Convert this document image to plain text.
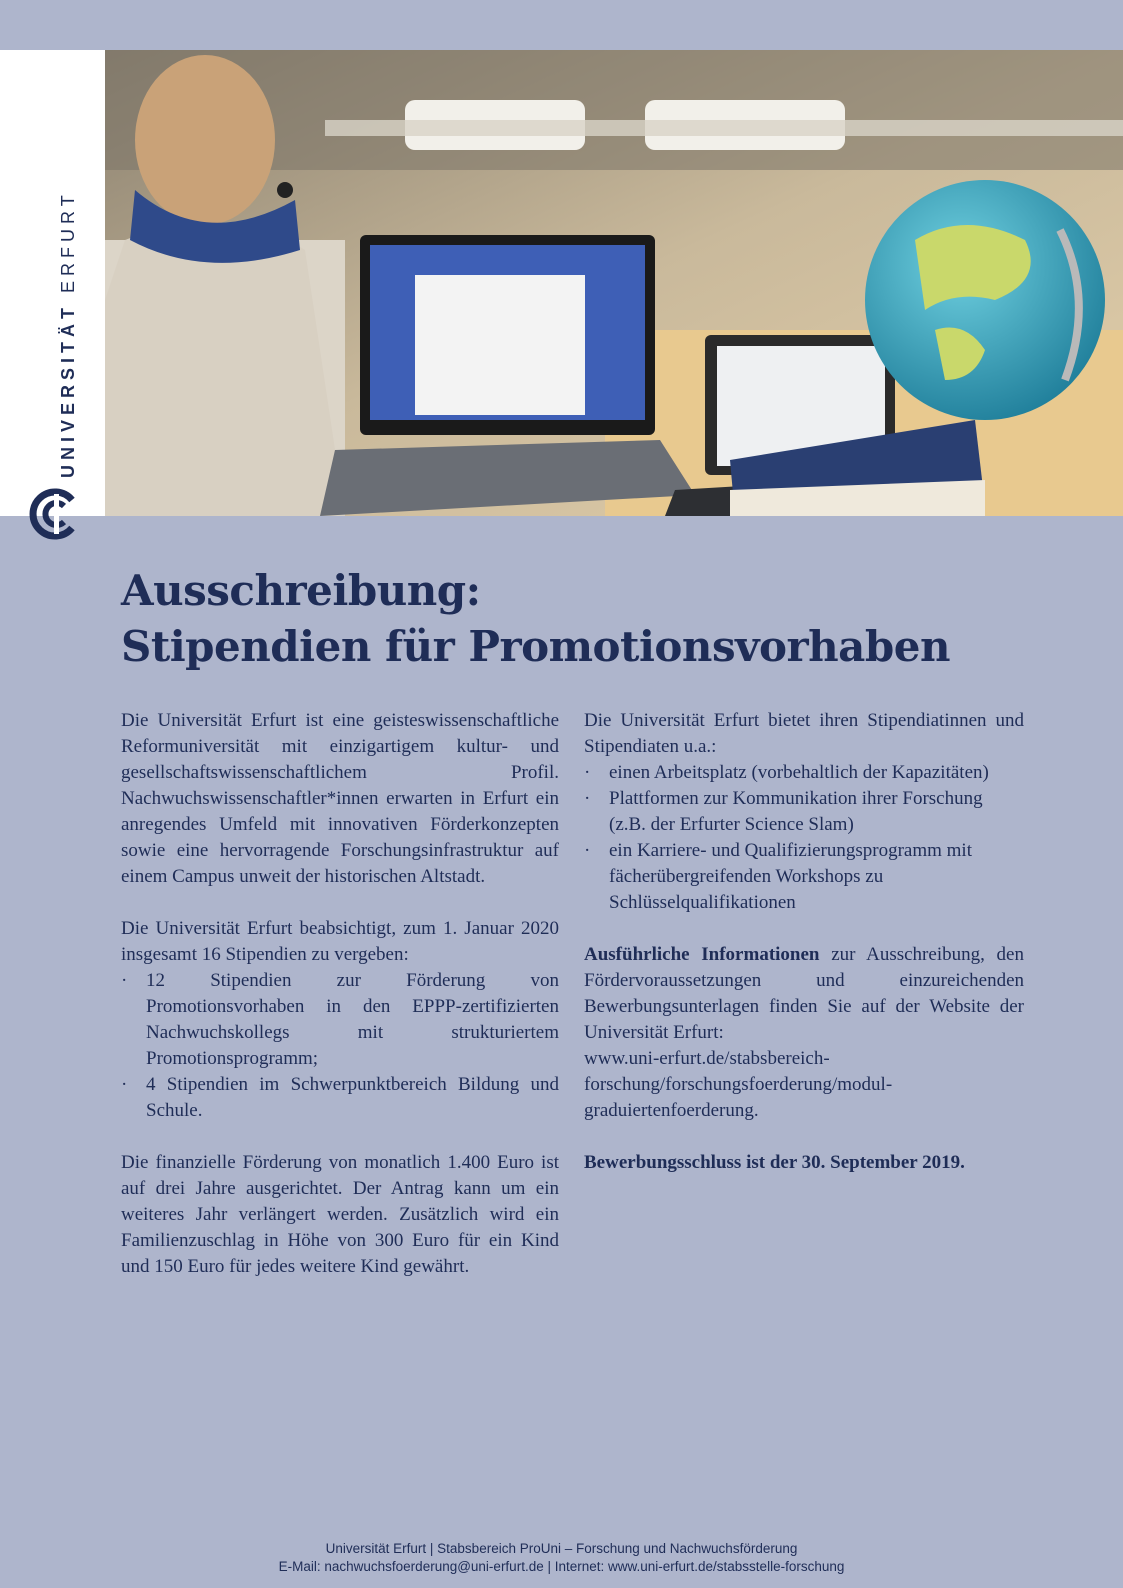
UNIVERSITÄT ERFURT
Ausschreibung:
Stipendien für Promotionsvorhaben

Die Universität Erfurt ist eine geisteswissenschaftliche Reformuniversität mit einzigartigem kultur- und gesellschaftswissenschaftlichem Profil. Nachwuchswissenschaftler*innen erwarten in Erfurt ein anregendes Umfeld mit innovativen Förderkonzepten sowie eine hervorragende Forschungsinfrastruktur auf einem Campus unweit der historischen Altstadt.

Die Universität Erfurt beabsichtigt, zum 1. Januar 2020 insgesamt 16 Stipendien zu vergeben:

· 12 Stipendien zur Förderung von Promotionsvorhaben in den EPPP-zertifizierten Nachwuchskollegs mit strukturiertem Promotionsprogramm;
· 4 Stipendien im Schwerpunktbereich Bildung und Schule.

Die finanzielle Förderung von monatlich 1.400 Euro ist auf drei Jahre ausgerichtet. Der Antrag kann um ein weiteres Jahr verlängert werden. Zusätzlich wird ein Familienzuschlag in Höhe von 300 Euro für ein Kind und 150 Euro für jedes weitere Kind gewährt.

Die Universität Erfurt bietet ihren Stipendiatinnen und Stipendiaten u.a.:

· einen Arbeitsplatz (vorbehaltlich der Kapazitäten)
· Plattformen zur Kommunikation ihrer Forschung (z.B. der Erfurter Science Slam)
· ein Karriere- und Qualifizierungsprogramm mit fächerübergreifenden Workshops zu Schlüsselqualifikationen

Ausführliche Informationen zur Ausschreibung, den Fördervoraussetzungen und einzureichenden Bewerbungsunterlagen finden Sie auf der Website der Universität Erfurt:

www.uni-erfurt.de/stabsbereich-forschung/forschungsfoerderung/modul-graduiertenfoerderung.

Bewerbungsschluss ist der 30. September 2019.

Universität Erfurt | Stabsbereich ProUni – Forschung und Nachwuchsförderung
E-Mail: nachwuchsfoerderung@uni-erfurt.de | Internet: www.uni-erfurt.de/stabsstelle-forschung
